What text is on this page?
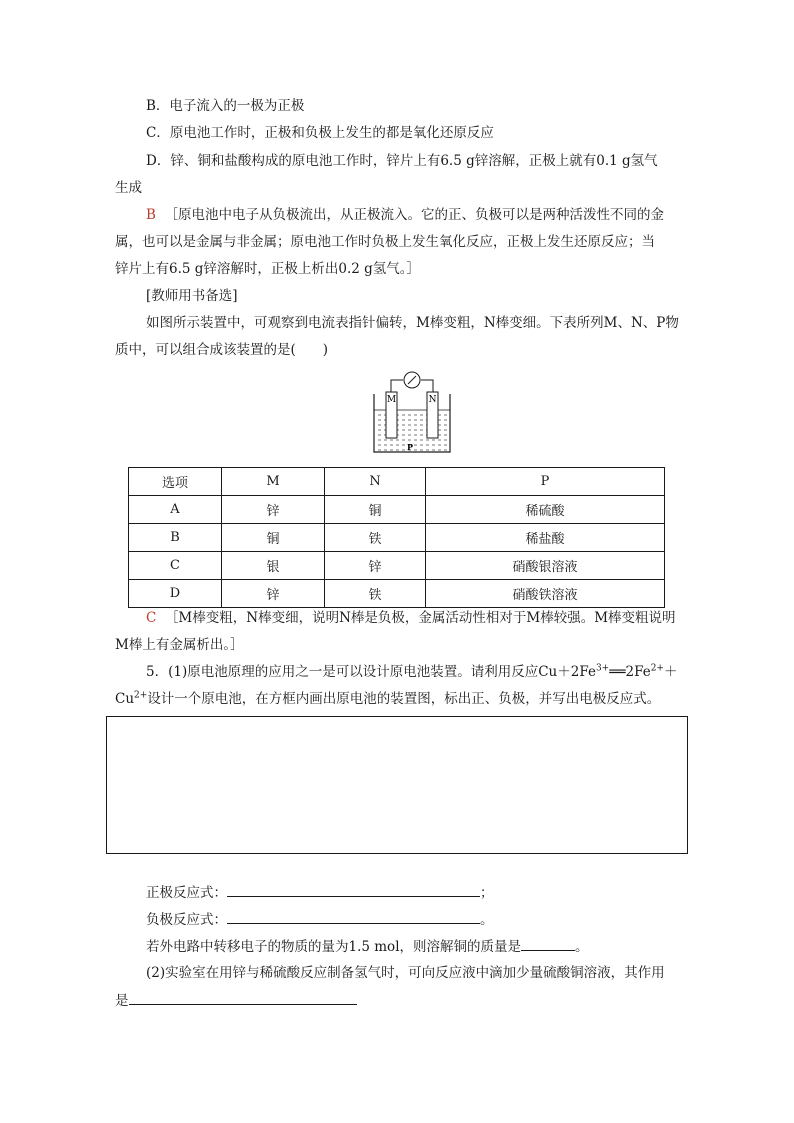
B．电子流入的一极为正极
C．原电池工作时，正极和负极上发生的都是氧化还原反应
D．锌、铜和盐酸构成的原电池工作时，锌片上有6.5 g锌溶解，正极上就有0.1 g氢气
生成
B ［原电池中电子从负极流出，从正极流入。它的正、负极可以是两种活泼性不同的金
属，也可以是金属与非金属；原电池工作时负极上发生氧化反应，正极上发生还原反应；当
锌片上有6.5 g锌溶解时，正极上析出0.2 g氢气。］
[教师用书备选]
如图所示装置中，可观察到电流表指针偏转，M棒变粗，N棒变细。下表所列M、N、P物
质中，可以组合成该装置的是(　　)
M	N
P
选项	M	N	P
A	锌	铜	稀硫酸
B	铜	铁	稀盐酸
C	银	锌	硝酸银溶液
D	锌	铁	硝酸铁溶液
C ［M棒变粗，N棒变细，说明N棒是负极，金属活动性相对于M棒较强。M棒变粗说明
M棒上有金属析出。］
5．(1)原电池原理的应用之一是可以设计原电池装置。请利用反应$Cu+2Fe^{3+}══2Fe^{2+}+$
$Cu^{2+}$设计一个原电池，在方框内画出原电池的装置图，标出正、负极，并写出电极反应式。
正极反应式：	；
负极反应式：	。
若外电路中转移电子的物质的量为1.5 mol，则溶解铜的质量是	。
(2)实验室在用锌与稀硫酸反应制备氢气时，可向反应液中滴加少量硫酸铜溶液，其作用
是
